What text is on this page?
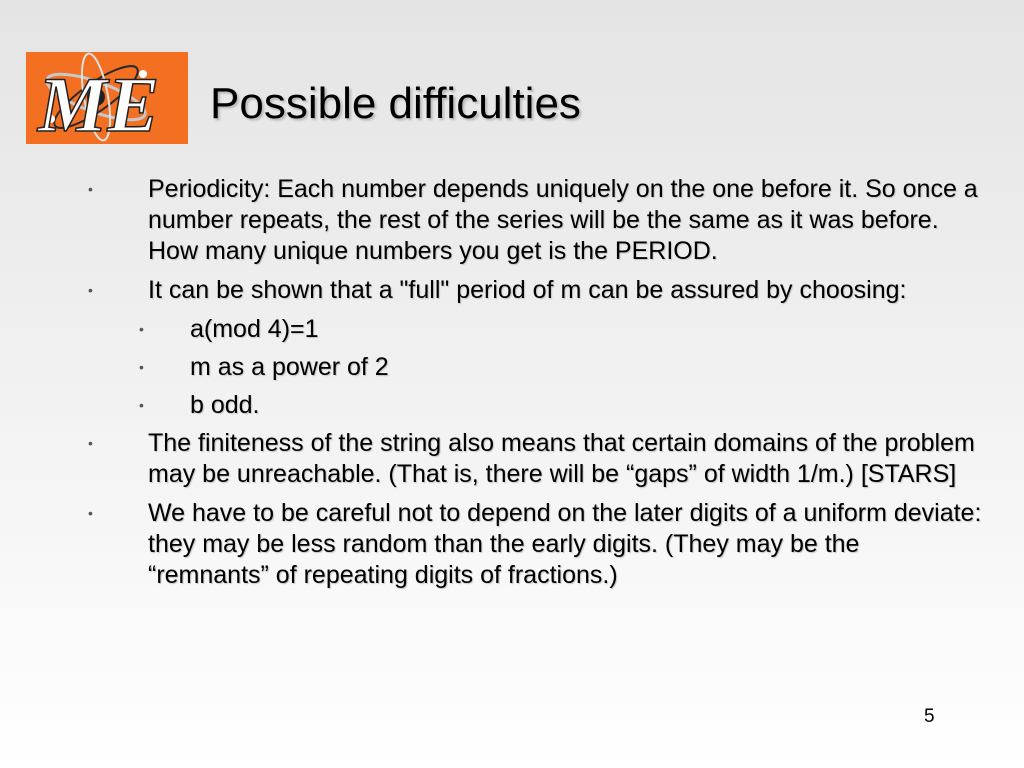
ME Possible difficulties
• Periodicity: Each number depends uniquely on the one before it. So once a number repeats, the rest of the series will be the same as it was before. How many unique numbers you get is the PERIOD.
• It can be shown that a "full" period of m can be assured by choosing:
• a(mod 4)=1
• m as a power of 2
• b odd.
• The finiteness of the string also means that certain domains of the problem may be unreachable. (That is, there will be “gaps” of width 1/m.) [STARS]
• We have to be careful not to depend on the later digits of a uniform deviate: they may be less random than the early digits. (They may be the “remnants” of repeating digits of fractions.)
5
